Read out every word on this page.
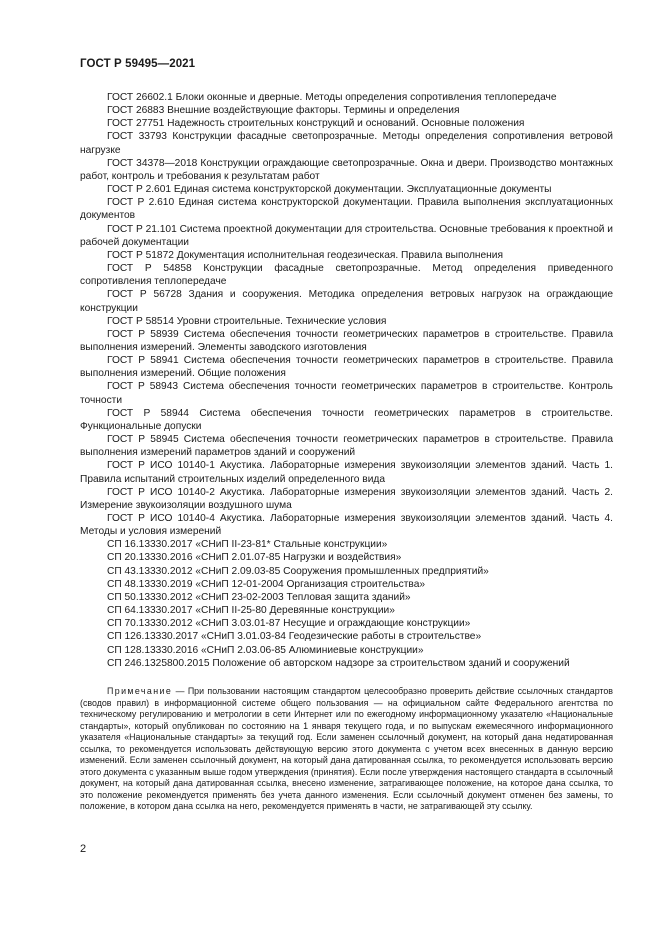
ГОСТ Р 59495—2021

ГОСТ 26602.1 Блоки оконные и дверные. Методы определения сопротивления теплопередаче

ГОСТ 26883 Внешние воздействующие факторы. Термины и определения

ГОСТ 27751 Надежность строительных конструкций и оснований. Основные положения

ГОСТ 33793 Конструкции фасадные светопрозрачные. Методы определения сопротивления ветровой нагрузке

ГОСТ 34378—2018 Конструкции ограждающие светопрозрачные. Окна и двери. Производство монтажных работ, контроль и требования к результатам работ

ГОСТ Р 2.601 Единая система конструкторской документации. Эксплуатационные документы

ГОСТ Р 2.610 Единая система конструкторской документации. Правила выполнения эксплуатационных документов

ГОСТ Р 21.101 Система проектной документации для строительства. Основные требования к проектной и рабочей документации

ГОСТ Р 51872 Документация исполнительная геодезическая. Правила выполнения

ГОСТ Р 54858 Конструкции фасадные светопрозрачные. Метод определения приведенного сопротивления теплопередаче

ГОСТ Р 56728 Здания и сооружения. Методика определения ветровых нагрузок на ограждающие конструкции

ГОСТ Р 58514 Уровни строительные. Технические условия

ГОСТ Р 58939 Система обеспечения точности геометрических параметров в строительстве. Правила выполнения измерений. Элементы заводского изготовления

ГОСТ Р 58941 Система обеспечения точности геометрических параметров в строительстве. Правила выполнения измерений. Общие положения

ГОСТ Р 58943 Система обеспечения точности геометрических параметров в строительстве. Контроль точности

ГОСТ Р 58944 Система обеспечения точности геометрических параметров в строительстве. Функциональные допуски

ГОСТ Р 58945 Система обеспечения точности геометрических параметров в строительстве. Правила выполнения измерений параметров зданий и сооружений

ГОСТ Р ИСО 10140-1 Акустика. Лабораторные измерения звукоизоляции элементов зданий. Часть 1. Правила испытаний строительных изделий определенного вида

ГОСТ Р ИСО 10140-2 Акустика. Лабораторные измерения звукоизоляции элементов зданий. Часть 2. Измерение звукоизоляции воздушного шума

ГОСТ Р ИСО 10140-4 Акустика. Лабораторные измерения звукоизоляции элементов зданий. Часть 4. Методы и условия измерений

СП 16.13330.2017 «СНиП II-23-81* Стальные конструкции»

СП 20.13330.2016 «СНиП 2.01.07-85 Нагрузки и воздействия»

СП 43.13330.2012 «СНиП 2.09.03-85 Сооружения промышленных предприятий»

СП 48.13330.2019 «СНиП 12-01-2004 Организация строительства»

СП 50.13330.2012 «СНиП 23-02-2003 Тепловая защита зданий»

СП 64.13330.2017 «СНиП II-25-80 Деревянные конструкции»

СП 70.13330.2012 «СНиП 3.03.01-87 Несущие и ограждающие конструкции»

СП 126.13330.2017 «СНиП 3.01.03-84 Геодезические работы в строительстве»

СП 128.13330.2016 «СНиП 2.03.06-85 Алюминиевые конструкции»

СП 246.1325800.2015 Положение об авторском надзоре за строительством зданий и сооружений

Примечание — При пользовании настоящим стандартом целесообразно проверить действие ссылочных стандартов (сводов правил) в информационной системе общего пользования — на официальном сайте Федерального агентства по техническому регулированию и метрологии в сети Интернет или по ежегодному информационному указателю «Национальные стандарты», который опубликован по состоянию на 1 января текущего года, и по выпускам ежемесячного информационного указателя «Национальные стандарты» за текущий год. Если заменен ссылочный документ, на который дана недатированная ссылка, то рекомендуется использовать действующую версию этого документа с учетом всех внесенных в данную версию изменений. Если заменен ссылочный документ, на который дана датированная ссылка, то рекомендуется использовать версию этого документа с указанным выше годом утверждения (принятия). Если после утверждения настоящего стандарта в ссылочный документ, на который дана датированная ссылка, внесено изменение, затрагивающее положение, на которое дана ссылка, то это положение рекомендуется применять без учета данного изменения. Если ссылочный документ отменен без замены, то положение, в котором дана ссылка на него, рекомендуется применять в части, не затрагивающей эту ссылку.

2
